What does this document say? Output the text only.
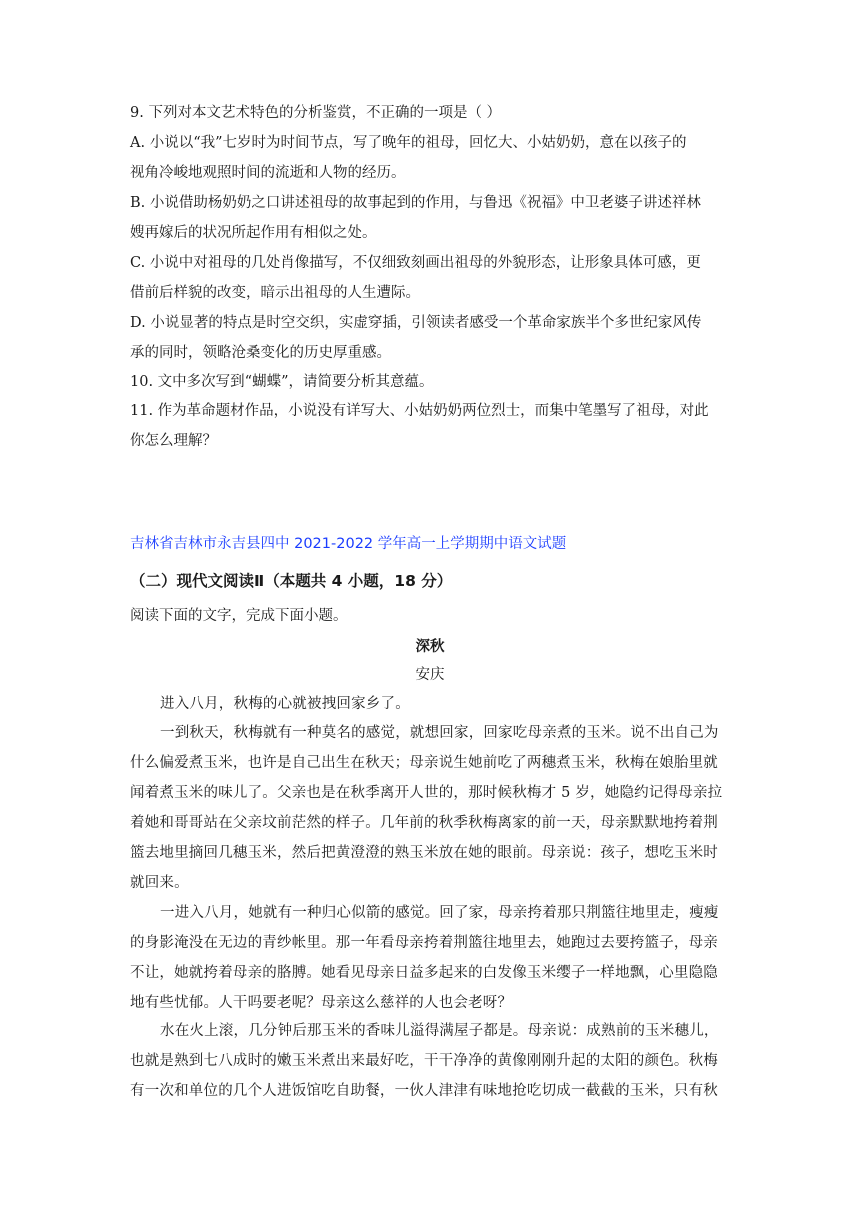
9. 下列对本文艺术特色的分析鉴赏，不正确的一项是（ ）
A. 小说以“我”七岁时为时间节点，写了晚年的祖母，回忆大、小姑奶奶，意在以孩子的
视角冷峻地观照时间的流逝和人物的经历。
B. 小说借助杨奶奶之口讲述祖母的故事起到的作用，与鲁迅《祝福》中卫老婆子讲述祥林
嫂再嫁后的状况所起作用有相似之处。
C. 小说中对祖母的几处肖像描写，不仅细致刻画出祖母的外貌形态，让形象具体可感，更
借前后样貌的改变，暗示出祖母的人生遭际。
D. 小说显著的特点是时空交织，实虚穿插，引领读者感受一个革命家族半个多世纪家风传
承的同时，领略沧桑变化的历史厚重感。
10. 文中多次写到“蝴蝶”，请简要分析其意蕴。
11. 作为革命题材作品，小说没有详写大、小姑奶奶两位烈士，而集中笔墨写了祖母，对此
你怎么理解？
吉林省吉林市永吉县四中 2021-2022 学年高一上学期期中语文试题
（二）现代文阅读Ⅱ（本题共 4 小题，18 分）
阅读下面的文字，完成下面小题。
深秋
安庆
进入八月，秋梅的心就被拽回家乡了。
一到秋天，秋梅就有一种莫名的感觉，就想回家，回家吃母亲煮的玉米。说不出自己为
什么偏爱煮玉米，也许是自己出生在秋天；母亲说生她前吃了两穗煮玉米，秋梅在娘胎里就
闻着煮玉米的味儿了。父亲也是在秋季离开人世的，那时候秋梅才 5 岁，她隐约记得母亲拉
着她和哥哥站在父亲坟前茫然的样子。几年前的秋季秋梅离家的前一天，母亲默默地挎着荆
篮去地里摘回几穗玉米，然后把黄澄澄的熟玉米放在她的眼前。母亲说：孩子，想吃玉米时
就回来。
一进入八月，她就有一种归心似箭的感觉。回了家，母亲挎着那只荆篮往地里走，瘦瘦
的身影淹没在无边的青纱帐里。那一年看母亲挎着荆篮往地里去，她跑过去要挎篮子，母亲
不让，她就挎着母亲的胳膊。她看见母亲日益多起来的白发像玉米缨子一样地飘，心里隐隐
地有些忧郁。人干吗要老呢？母亲这么慈祥的人也会老呀？
水在火上滚，几分钟后那玉米的香味儿溢得满屋子都是。母亲说：成熟前的玉米穗儿，
也就是熟到七八成时的嫩玉米煮出来最好吃，干干净净的黄像刚刚升起的太阳的颜色。秋梅
有一次和单位的几个人进饭馆吃自助餐，一伙人津津有味地抢吃切成一截截的玉米，只有秋
